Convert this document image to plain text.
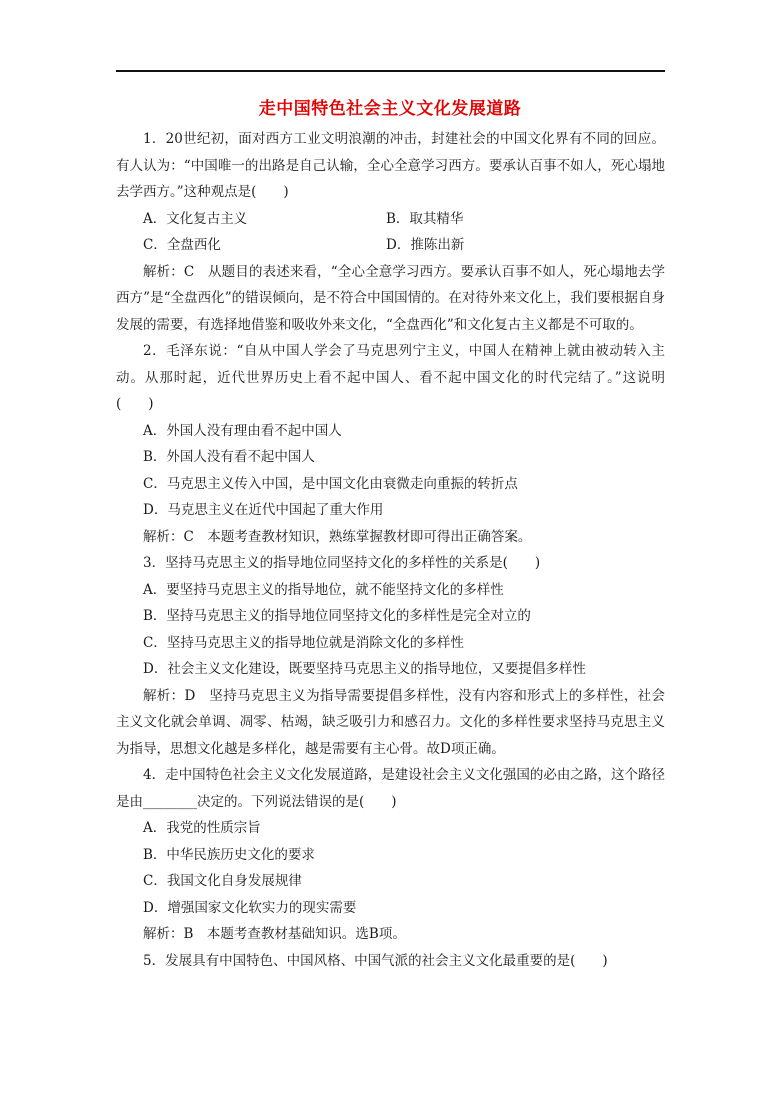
走中国特色社会主义文化发展道路

1．20世纪初，面对西方工业文明浪潮的冲击，封建社会的中国文化界有不同的回应。有人认为：“中国唯一的出路是自己认输，全心全意学习西方。要承认百事不如人，死心塌地去学西方。”这种观点是(　　)

A．文化复古主义	B．取其精华
C．全盘西化	D．推陈出新

解析：C　从题目的表述来看，“全心全意学习西方。要承认百事不如人，死心塌地去学西方”是“全盘西化”的错误倾向，是不符合中国国情的。在对待外来文化上，我们要根据自身发展的需要，有选择地借鉴和吸收外来文化，“全盘西化”和文化复古主义都是不可取的。

2．毛泽东说：“自从中国人学会了马克思列宁主义，中国人在精神上就由被动转入主动。从那时起，近代世界历史上看不起中国人、看不起中国文化的时代完结了。”这说明(　　)

A．外国人没有理由看不起中国人

B．外国人没有看不起中国人

C．马克思主义传入中国，是中国文化由衰微走向重振的转折点

D．马克思主义在近代中国起了重大作用

解析：C　本题考查教材知识，熟练掌握教材即可得出正确答案。

3．坚持马克思主义的指导地位同坚持文化的多样性的关系是(　　)

A．要坚持马克思主义的指导地位，就不能坚持文化的多样性

B．坚持马克思主义的指导地位同坚持文化的多样性是完全对立的

C．坚持马克思主义的指导地位就是消除文化的多样性

D．社会主义文化建设，既要坚持马克思主义的指导地位，又要提倡多样性

解析：D　坚持马克思主义为指导需要提倡多样性，没有内容和形式上的多样性，社会主义文化就会单调、凋零、枯竭，缺乏吸引力和感召力。文化的多样性要求坚持马克思主义为指导，思想文化越是多样化，越是需要有主心骨。故D项正确。

4．走中国特色社会主义文化发展道路，是建设社会主义文化强国的必由之路，这个路径是由________决定的。下列说法错误的是(　　)

A．我党的性质宗旨

B．中华民族历史文化的要求

C．我国文化自身发展规律

D．增强国家文化软实力的现实需要

解析：B　本题考查教材基础知识。选B项。

5．发展具有中国特色、中国风格、中国气派的社会主义文化最重要的是(　　)
